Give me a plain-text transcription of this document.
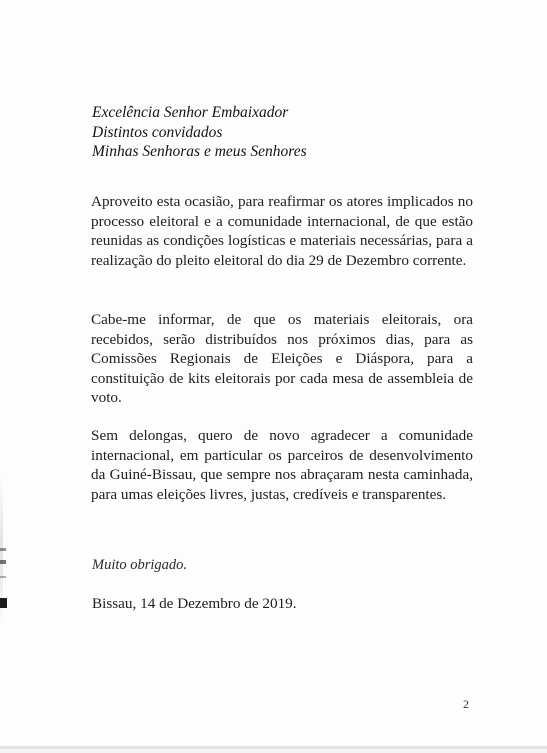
Excelência Senhor Embaixador
Distintos convidados
Minhas Senhoras e meus Senhores
Aproveito esta ocasião, para reafirmar os atores implicados no processo eleitoral e a comunidade internacional, de que estão reunidas as condições logísticas e materiais necessárias, para a realização do pleito eleitoral do dia 29 de Dezembro corrente.
Cabe-me informar, de que os materiais eleitorais, ora recebidos, serão distribuídos nos próximos dias, para as Comissões Regionais de Eleições e Diáspora, para a constituição de kits eleitorais por cada mesa de assembleia de voto.
Sem delongas, quero de novo agradecer a comunidade internacional, em particular os parceiros de desenvolvimento da Guiné-Bissau, que sempre nos abraçaram nesta caminhada, para umas eleições livres, justas, credíveis e transparentes.
Muito obrigado.
Bissau, 14 de Dezembro de 2019.
2
